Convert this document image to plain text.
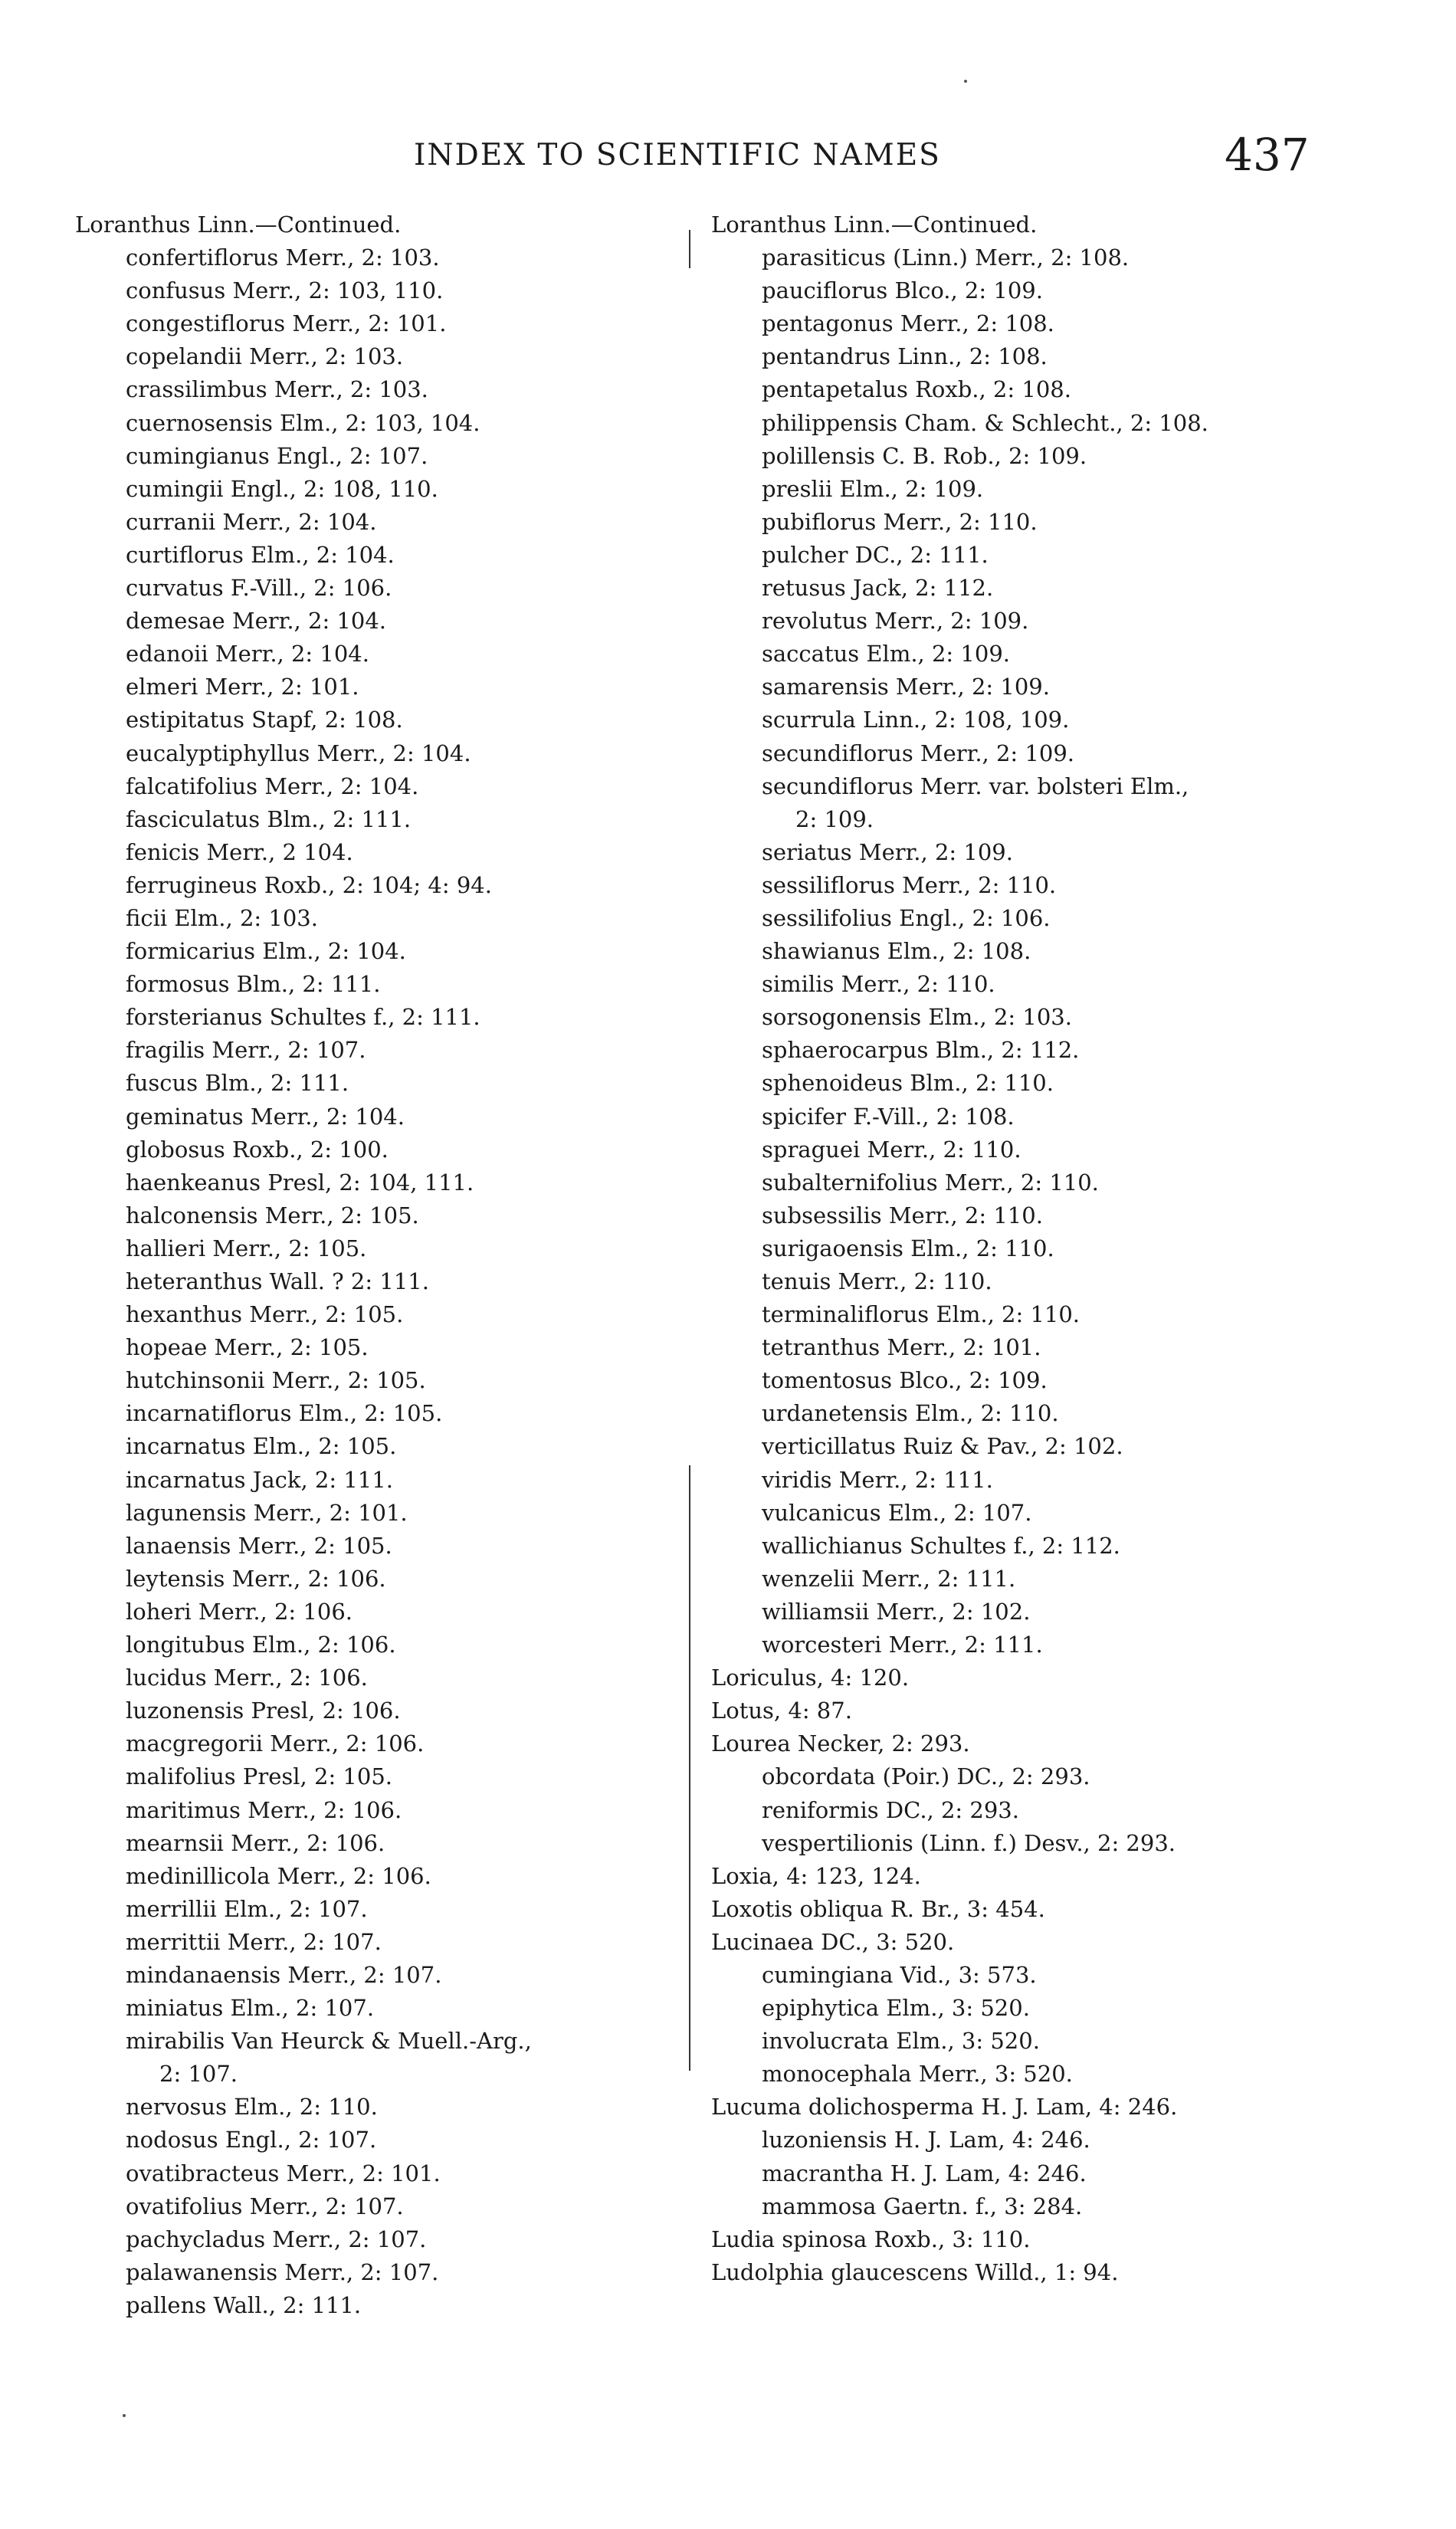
INDEX TO SCIENTIFIC NAMES	437
Loranthus Linn.—Continued.
confertiflorus Merr., 2: 103.
confusus Merr., 2: 103, 110.
congestiflorus Merr., 2: 101.
copelandii Merr., 2: 103.
crassilimbus Merr., 2: 103.
cuernosensis Elm., 2: 103, 104.
cumingianus Engl., 2: 107.
cumingii Engl., 2: 108, 110.
curranii Merr., 2: 104.
curtiflorus Elm., 2: 104.
curvatus F.-Vill., 2: 106.
demesae Merr., 2: 104.
edanoii Merr., 2: 104.
elmeri Merr., 2: 101.
estipitatus Stapf, 2: 108.
eucalyptiphyllus Merr., 2: 104.
falcatifolius Merr., 2: 104.
fasciculatus Blm., 2: 111.
fenicis Merr., 2 104.
ferrugineus Roxb., 2: 104; 4: 94.
ficii Elm., 2: 103.
formicarius Elm., 2: 104.
formosus Blm., 2: 111.
forsterianus Schultes f., 2: 111.
fragilis Merr., 2: 107.
fuscus Blm., 2: 111.
geminatus Merr., 2: 104.
globosus Roxb., 2: 100.
haenkeanus Presl, 2: 104, 111.
halconensis Merr., 2: 105.
hallieri Merr., 2: 105.
heteranthus Wall. ? 2: 111.
hexanthus Merr., 2: 105.
hopeae Merr., 2: 105.
hutchinsonii Merr., 2: 105.
incarnatiflorus Elm., 2: 105.
incarnatus Elm., 2: 105.
incarnatus Jack, 2: 111.
lagunensis Merr., 2: 101.
lanaensis Merr., 2: 105.
leytensis Merr., 2: 106.
loheri Merr., 2: 106.
longitubus Elm., 2: 106.
lucidus Merr., 2: 106.
luzonensis Presl, 2: 106.
macgregorii Merr., 2: 106.
malifolius Presl, 2: 105.
maritimus Merr., 2: 106.
mearnsii Merr., 2: 106.
medinillicola Merr., 2: 106.
merrillii Elm., 2: 107.
merrittii Merr., 2: 107.
mindanaensis Merr., 2: 107.
miniatus Elm., 2: 107.
mirabilis Van Heurck & Muell.-Arg.,
2: 107.
nervosus Elm., 2: 110.
nodosus Engl., 2: 107.
ovatibracteus Merr., 2: 101.
ovatifolius Merr., 2: 107.
pachycladus Merr., 2: 107.
palawanensis Merr., 2: 107.
pallens Wall., 2: 111.
Loranthus Linn.—Continued.
parasiticus (Linn.) Merr., 2: 108.
pauciflorus Blco., 2: 109.
pentagonus Merr., 2: 108.
pentandrus Linn., 2: 108.
pentapetalus Roxb., 2: 108.
philippensis Cham. & Schlecht., 2: 108.
polillensis C. B. Rob., 2: 109.
preslii Elm., 2: 109.
pubiflorus Merr., 2: 110.
pulcher DC., 2: 111.
retusus Jack, 2: 112.
revolutus Merr., 2: 109.
saccatus Elm., 2: 109.
samarensis Merr., 2: 109.
scurrula Linn., 2: 108, 109.
secundiflorus Merr., 2: 109.
secundiflorus Merr. var. bolsteri Elm.,
2: 109.
seriatus Merr., 2: 109.
sessiliflorus Merr., 2: 110.
sessilifolius Engl., 2: 106.
shawianus Elm., 2: 108.
similis Merr., 2: 110.
sorsogonensis Elm., 2: 103.
sphaerocarpus Blm., 2: 112.
sphenoideus Blm., 2: 110.
spicifer F.-Vill., 2: 108.
spraguei Merr., 2: 110.
subalternifolius Merr., 2: 110.
subsessilis Merr., 2: 110.
surigaoensis Elm., 2: 110.
tenuis Merr., 2: 110.
terminaliflorus Elm., 2: 110.
tetranthus Merr., 2: 101.
tomentosus Blco., 2: 109.
urdanetensis Elm., 2: 110.
verticillatus Ruiz & Pav., 2: 102.
viridis Merr., 2: 111.
vulcanicus Elm., 2: 107.
wallichianus Schultes f., 2: 112.
wenzelii Merr., 2: 111.
williamsii Merr., 2: 102.
worcesteri Merr., 2: 111.
Loriculus, 4: 120.
Lotus, 4: 87.
Lourea Necker, 2: 293.
obcordata (Poir.) DC., 2: 293.
reniformis DC., 2: 293.
vespertilionis (Linn. f.) Desv., 2: 293.
Loxia, 4: 123, 124.
Loxotis obliqua R. Br., 3: 454.
Lucinaea DC., 3: 520.
cumingiana Vid., 3: 573.
epiphytica Elm., 3: 520.
involucrata Elm., 3: 520.
monocephala Merr., 3: 520.
Lucuma dolichosperma H. J. Lam, 4: 246.
luzoniensis H. J. Lam, 4: 246.
macrantha H. J. Lam, 4: 246.
mammosa Gaertn. f., 3: 284.
Ludia spinosa Roxb., 3: 110.
Ludolphia glaucescens Willd., 1: 94.
